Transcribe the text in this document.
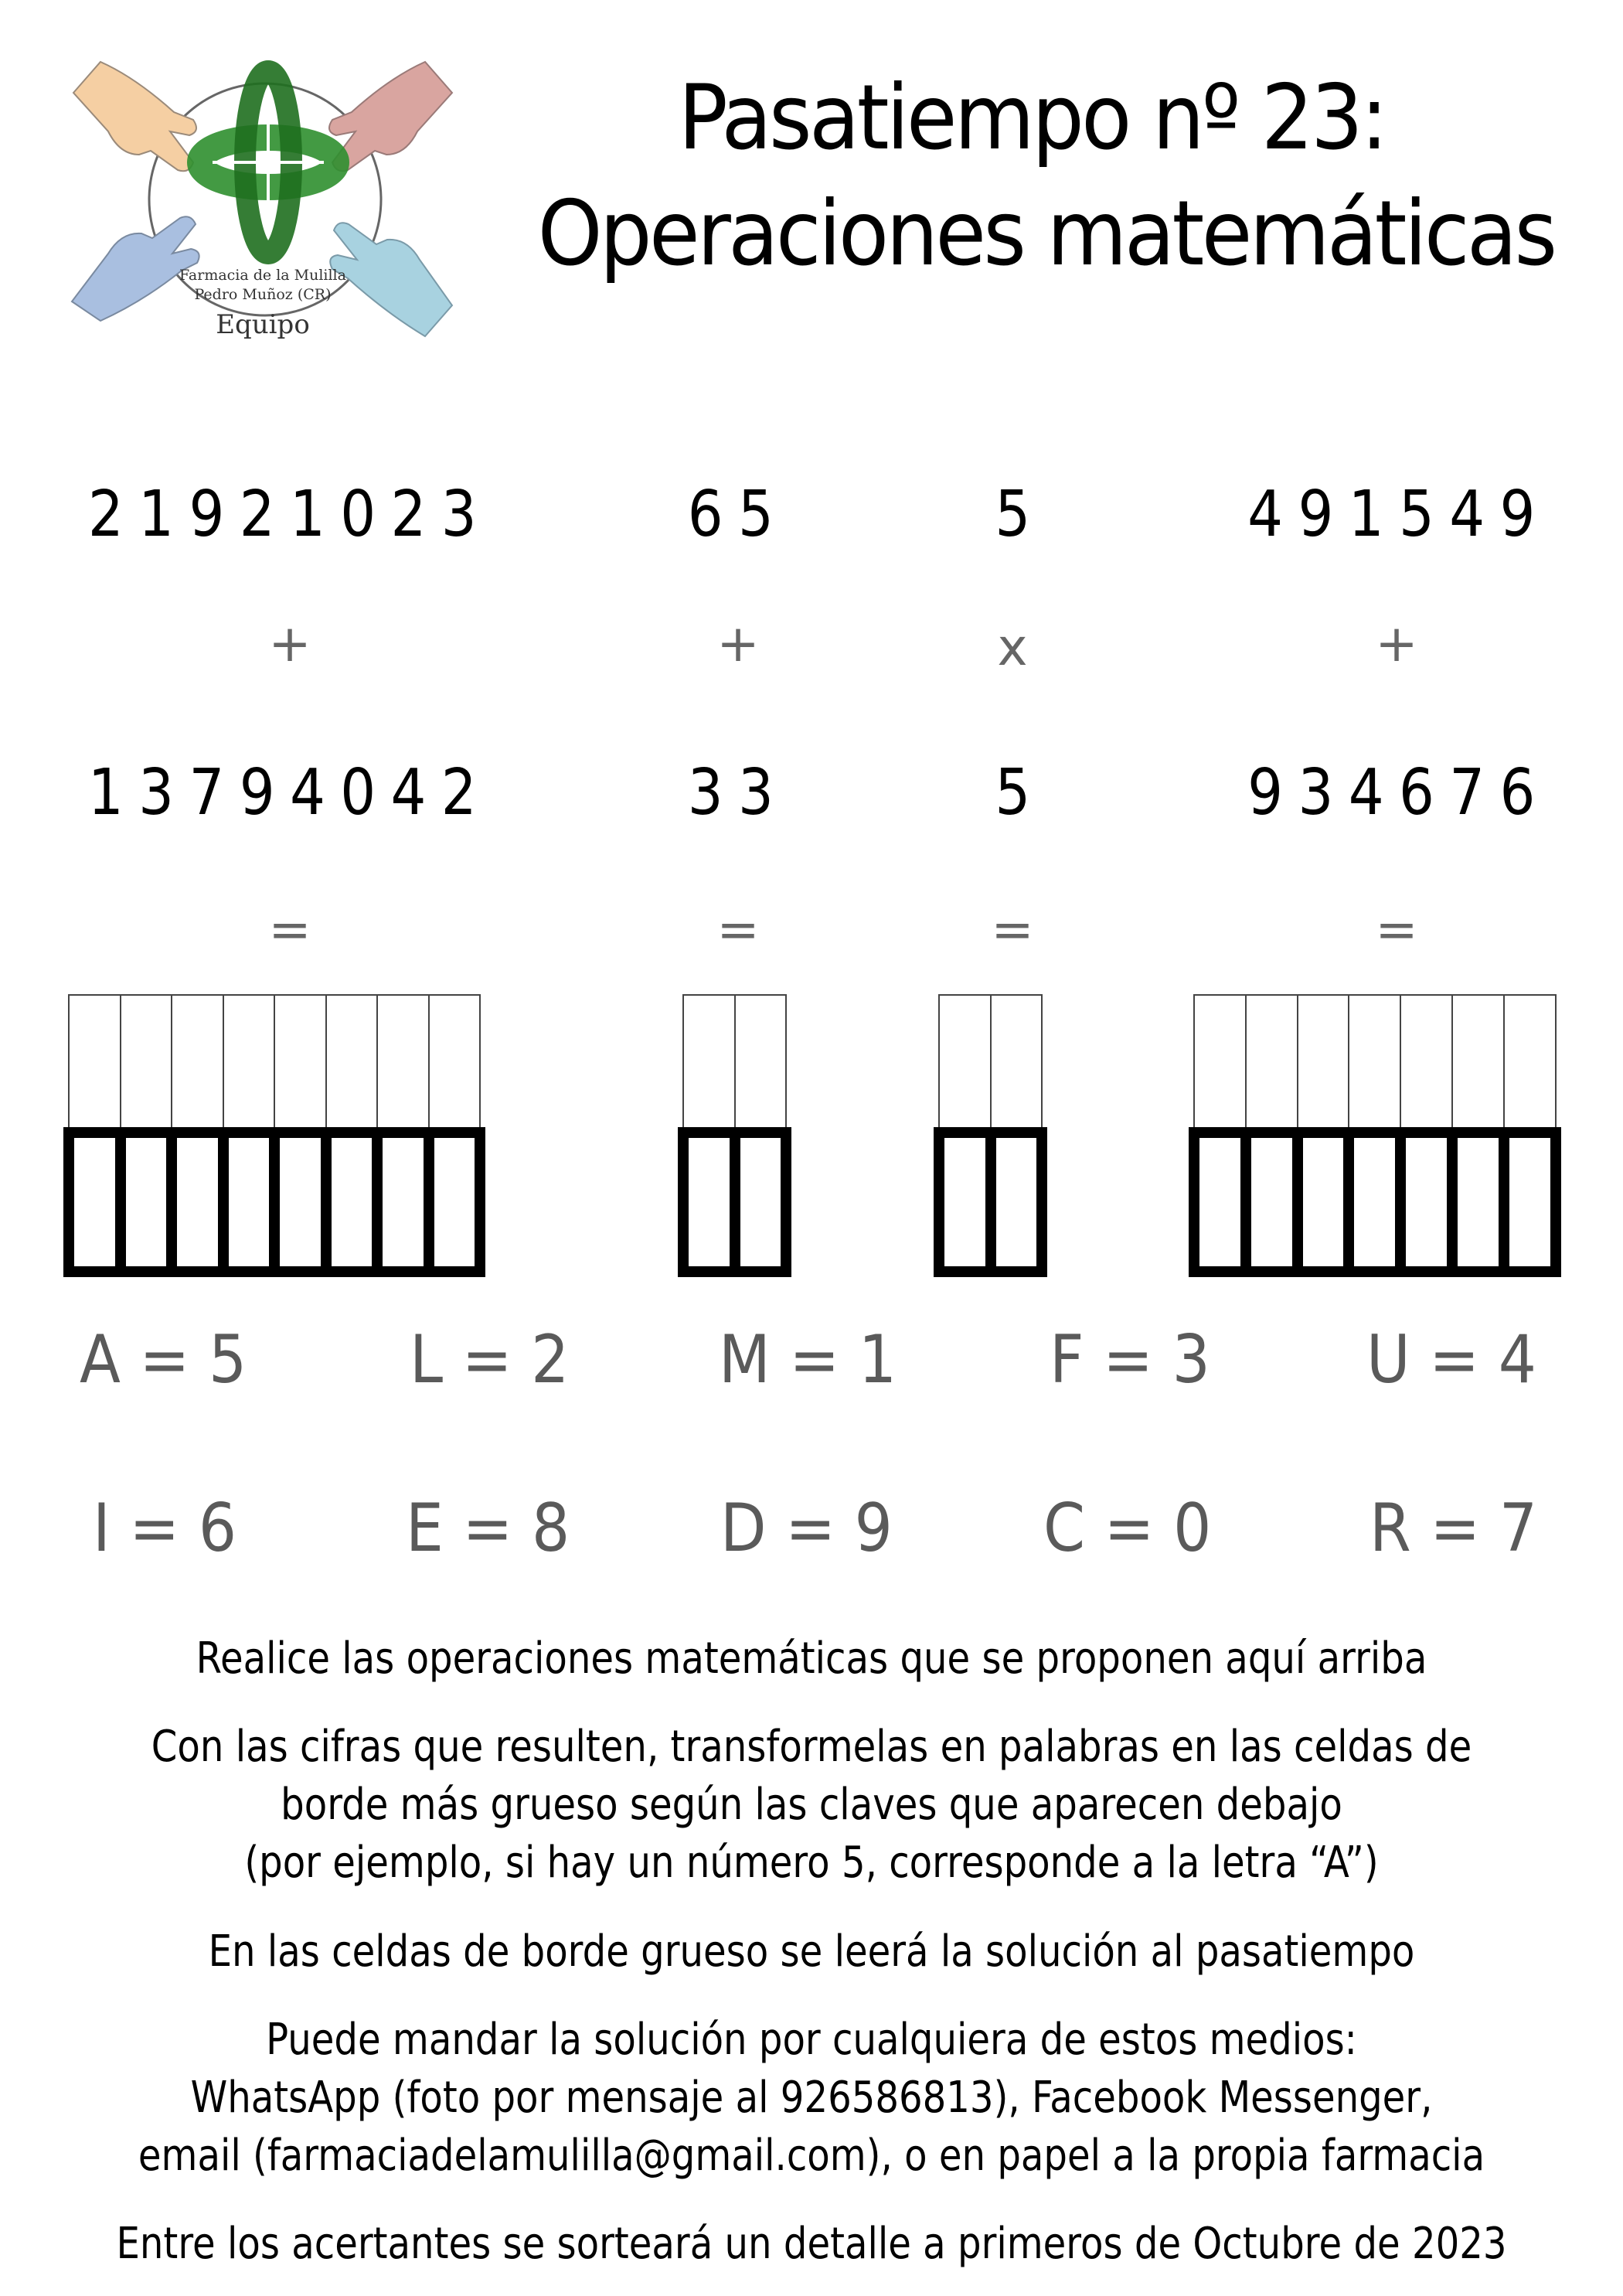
Farmacia de la Mulilla
Pedro Muñoz (CR)
Equipo
Pasatiempo nº 23:
Operaciones matemáticas
21921023
+
13794042
=
65
+
33
=
5
x
5
=
491549
+
934676
=
A = 5 L = 2 M = 1 F = 3 U = 4
I = 6	E = 8 D = 9 C = 0 R = 7
Realice las operaciones matemáticas que se proponen aquí arriba
Con las cifras que resulten, transformelas en palabras en las celdas de
borde más grueso según las claves que aparecen debajo
(por ejemplo, si hay un número 5, corresponde a la letra “A”)
En las celdas de borde grueso se leerá la solución al pasatiempo
Puede mandar la solución por cualquiera de estos medios:
WhatsApp (foto por mensaje al 926586813), Facebook Messenger,
email (farmaciadelamulilla@gmail.com), o en papel a la propia farmacia
Entre los acertantes se sorteará un detalle a primeros de Octubre de 2023
